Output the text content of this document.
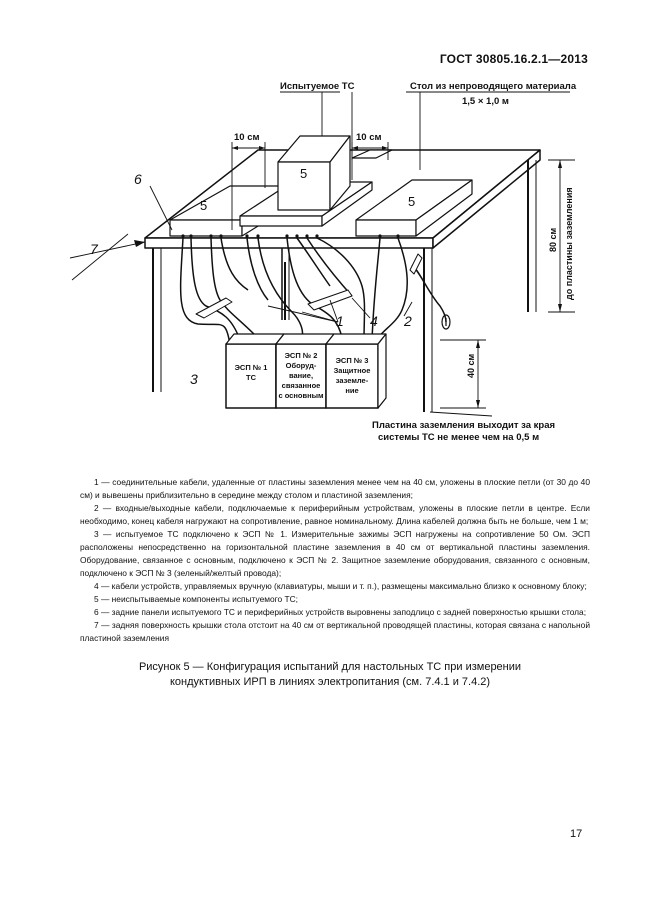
ГОСТ 30805.16.2.1—2013
Испытуемое ТС	Стол из непроводящего материала
1,5 × 1,0 м
10 см	10 см
Пластина заземления выходит за края
системы ТС не менее чем на 0,5 м
80 см до пластины заземления
40 см
1	2
3
4
6
7
5
5	5
ЭСП № 1
ТС
ЭСП № 2
Оборуд-
вание,
связанное
с основным
ЭСП № 3
Защитное
заземле-
ние

1 — соединительные кабели, удаленные от пластины заземления менее чем на 40 см, уложены в плоские петли (от 30 до 40 см) и вывешены приблизительно в середине между столом и пластиной заземления;

2 — входные/выходные кабели, подключаемые к периферийным устройствам, уложены в плоские петли в центре. Если необходимо, конец кабеля нагружают на сопротивление, равное номинальному. Длина кабелей должна быть не больше, чем 1 м;

3 — испытуемое ТС подключено к ЭСП № 1. Измерительные зажимы ЭСП нагружены на сопротивление 50 Ом. ЭСП расположены непосредственно на горизонтальной пластине заземления в 40 см от вертикальной пластины заземления. Оборудование, связанное с основным, подключено к ЭСП № 2. Защитное заземление оборудования, связанного с основным, подключено к ЭСП № 3 (зеленый/желтый провода);

4 — кабели устройств, управляемых вручную (клавиатуры, мыши и т. п.), размещены максимально близко к основному блоку;

5 — неиспытываемые компоненты испытуемого ТС;

6 — задние панели испытуемого ТС и периферийных устройств выровнены заподлицо с задней поверхностью крышки стола;

7 — задняя поверхность крышки стола отстоит на 40 см от вертикальной проводящей пластины, которая связана с напольной пластиной заземления

Рисунок 5 — Конфигурация испытаний для настольных ТС при измерении
кондуктивных ИРП в линиях электропитания (см. 7.4.1 и 7.4.2)
17
